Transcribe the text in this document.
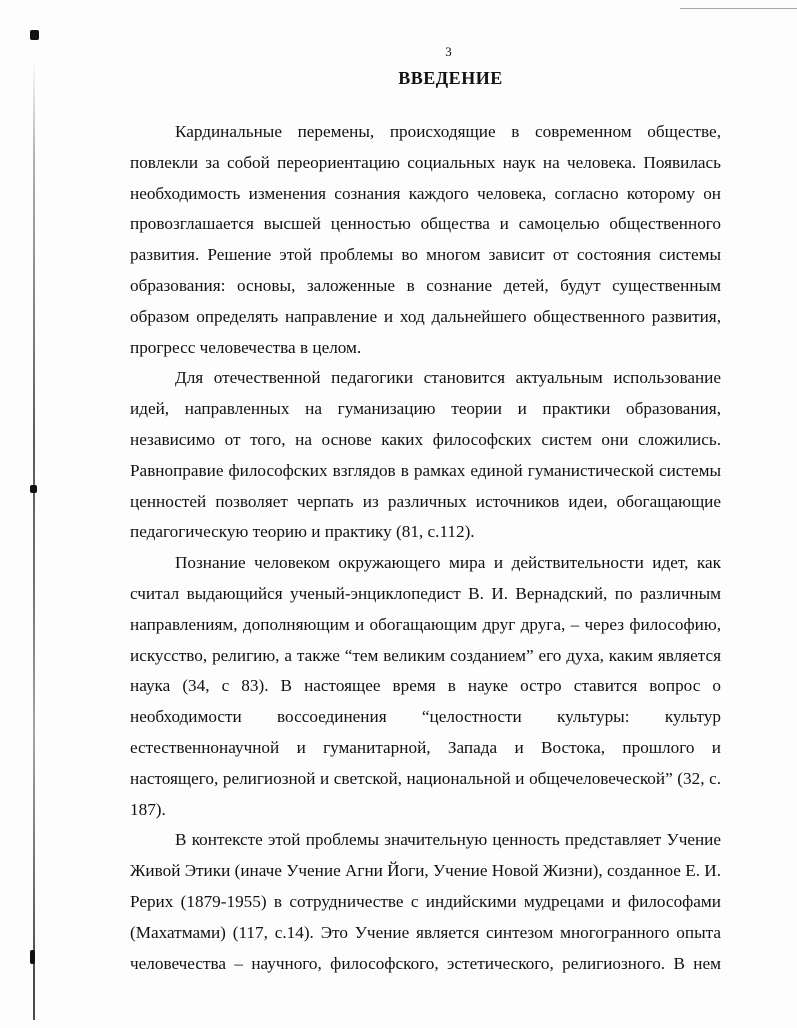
3
ВВЕДЕНИЕ

Кардинальные перемены, происходящие в современном обществе, повлекли за собой переориентацию социальных наук на человека. Появилась необходимость изменения сознания каждого человека, согласно которому он провозглашается высшей ценностью общества и самоцелью общественного развития. Решение этой проблемы во многом зависит от состояния системы образования: основы, заложенные в сознание детей, будут существенным образом определять направление и ход дальнейшего общественного развития, прогресс человечества в целом.

Для отечественной педагогики становится актуальным использование идей, направленных на гуманизацию теории и практики образования, независимо от того, на основе каких философских систем они сложились. Равноправие философских взглядов в рамках единой гуманистической системы ценностей позволяет черпать из различных источников идеи, обогащающие педагогическую теорию и практику (81, с.112).

Познание человеком окружающего мира и действительности идет, как считал выдающийся ученый-энциклопедист В. И. Вернадский, по различным направлениям, дополняющим и обогащающим друг друга, – через философию, искусство, религию, а также “тем великим созданием” его духа, каким является наука (34, с 83). В настоящее время в науке остро ставится вопрос о необходимости воссоединения “целостности культуры: культур естественнонаучной и гуманитарной, Запада и Востока, прошлого и настоящего, религиозной и светской, национальной и общечеловеческой” (32, с. 187).

В контексте этой проблемы значительную ценность представляет Учение Живой Этики (иначе Учение Агни Йоги, Учение Новой Жизни), созданное Е. И. Рерих (1879-1955) в сотрудничестве с индийскими мудрецами и философами (Махатмами) (117, с.14). Это Учение является синтезом многогранного опыта человечества – научного, философского, эстетического, религиозного. В нем
